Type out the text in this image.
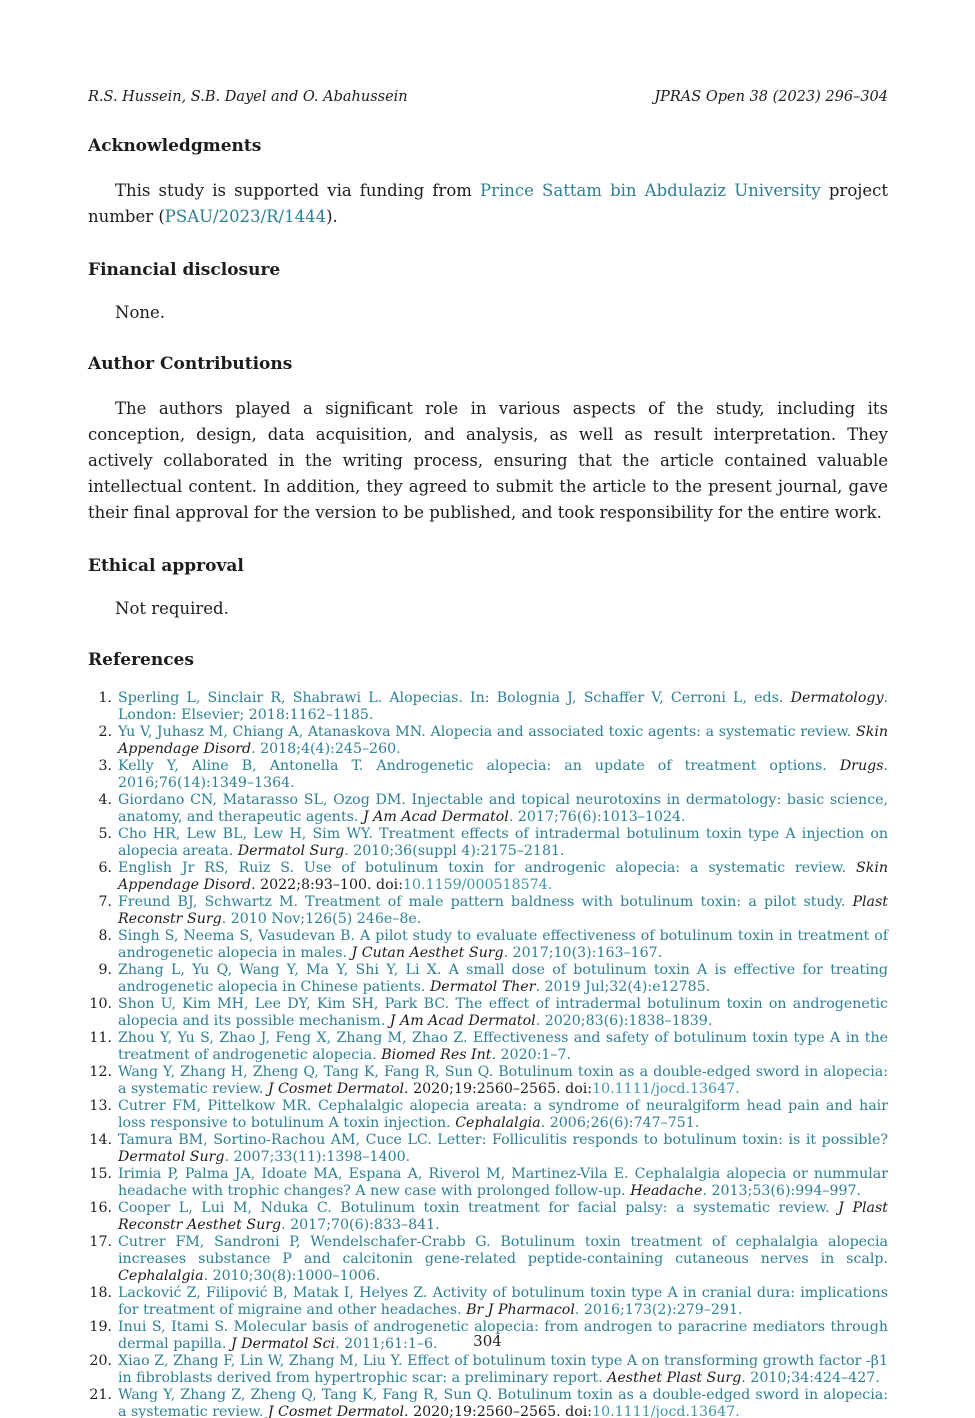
R.S. Hussein, S.B. Dayel and O. Abahussein	JPRAS Open 38 (2023) 296–304
Acknowledgments

This study is supported via funding from Prince Sattam bin Abdulaziz University project number (PSAU/2023/R/1444).

Financial disclosure

None.

Author Contributions

The authors played a significant role in various aspects of the study, including its conception, design, data acquisition, and analysis, as well as result interpretation. They actively collaborated in the writing process, ensuring that the article contained valuable intellectual content. In addition, they agreed to submit the article to the present journal, gave their final approval for the version to be published, and took responsibility for the entire work.

Ethical approval

Not required.

References
1. Sperling L, Sinclair R, Shabrawi L. Alopecias. In: Bolognia J, Schaffer V, Cerroni L, eds. Dermatology. London: Elsevier; 2018:1162–1185.
2. Yu V, Juhasz M, Chiang A, Atanaskova MN. Alopecia and associated toxic agents: a systematic review. Skin Appendage Disord. 2018;4(4):245–260.
3. Kelly Y, Aline B, Antonella T. Androgenetic alopecia: an update of treatment options. Drugs. 2016;76(14):1349–1364.
4. Giordano CN, Matarasso SL, Ozog DM. Injectable and topical neurotoxins in dermatology: basic science, anatomy, and therapeutic agents. J Am Acad Dermatol. 2017;76(6):1013–1024.
5. Cho HR, Lew BL, Lew H, Sim WY. Treatment effects of intradermal botulinum toxin type A injection on alopecia areata. Dermatol Surg. 2010;36(suppl 4):2175–2181.
6. English Jr RS, Ruiz S. Use of botulinum toxin for androgenic alopecia: a systematic review. Skin Appendage Disord. 2022;8:93–100. doi:10.1159/000518574.
7. Freund BJ, Schwartz M. Treatment of male pattern baldness with botulinum toxin: a pilot study. Plast Reconstr Surg. 2010 Nov;126(5) 246e–8e.
8. Singh S, Neema S, Vasudevan B. A pilot study to evaluate effectiveness of botulinum toxin in treatment of androgenetic alopecia in males. J Cutan Aesthet Surg. 2017;10(3):163–167.
9. Zhang L, Yu Q, Wang Y, Ma Y, Shi Y, Li X. A small dose of botulinum toxin A is effective for treating androgenetic alopecia in Chinese patients. Dermatol Ther. 2019 Jul;32(4):e12785.
10. Shon U, Kim MH, Lee DY, Kim SH, Park BC. The effect of intradermal botulinum toxin on androgenetic alopecia and its possible mechanism. J Am Acad Dermatol. 2020;83(6):1838–1839.
11. Zhou Y, Yu S, Zhao J, Feng X, Zhang M, Zhao Z. Effectiveness and safety of botulinum toxin type A in the treatment of androgenetic alopecia. Biomed Res Int. 2020:1–7.
12. Wang Y, Zhang H, Zheng Q, Tang K, Fang R, Sun Q. Botulinum toxin as a double-edged sword in alopecia: a systematic review. J Cosmet Dermatol. 2020;19:2560–2565. doi:10.1111/jocd.13647.
13. Cutrer FM, Pittelkow MR. Cephalalgic alopecia areata: a syndrome of neuralgiform head pain and hair loss responsive to botulinum A toxin injection. Cephalalgia. 2006;26(6):747–751.
14. Tamura BM, Sortino-Rachou AM, Cuce LC. Letter: Folliculitis responds to botulinum toxin: is it possible? Dermatol Surg. 2007;33(11):1398–1400.
15. Irimia P, Palma JA, Idoate MA, Espana A, Riverol M, Martinez-Vila E. Cephalalgia alopecia or nummular headache with trophic changes? A new case with prolonged follow-up. Headache. 2013;53(6):994–997.
16. Cooper L, Lui M, Nduka C. Botulinum toxin treatment for facial palsy: a systematic review. J Plast Reconstr Aesthet Surg. 2017;70(6):833–841.
17. Cutrer FM, Sandroni P, Wendelschafer-Crabb G. Botulinum toxin treatment of cephalalgia alopecia increases substance P and calcitonin gene-related peptide-containing cutaneous nerves in scalp. Cephalalgia. 2010;30(8):1000–1006.
18. Lacković Z, Filipović B, Matak I, Helyes Z. Activity of botulinum toxin type A in cranial dura: implications for treatment of migraine and other headaches. Br J Pharmacol. 2016;173(2):279–291.
19. Inui S, Itami S. Molecular basis of androgenetic alopecia: from androgen to paracrine mediators through dermal papilla. J Dermatol Sci. 2011;61:1–6.
20. Xiao Z, Zhang F, Lin W, Zhang M, Liu Y. Effect of botulinum toxin type A on transforming growth factor -β1 in fibroblasts derived from hypertrophic scar: a preliminary report. Aesthet Plast Surg. 2010;34:424–427.
21. Wang Y, Zhang Z, Zheng Q, Tang K, Fang R, Sun Q. Botulinum toxin as a double-edged sword in alopecia: a systematic review. J Cosmet Dermatol. 2020;19:2560–2565. doi:10.1111/jocd.13647.
304
